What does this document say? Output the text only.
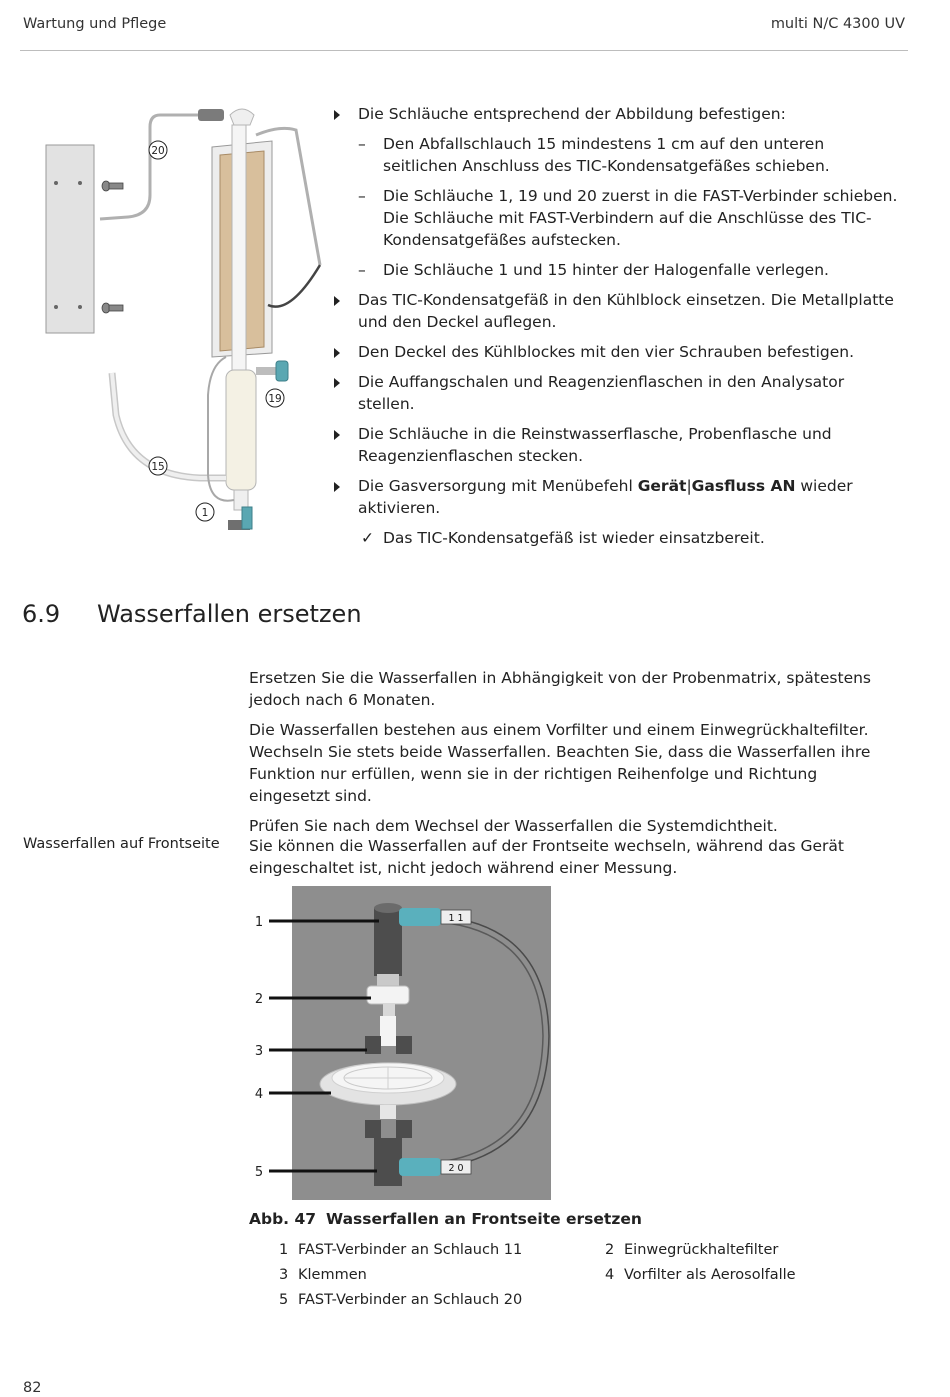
Wartung und Pflege	multi N/C 4300 UV
20
19
15
1
Die Schläuche entsprechend der Abbildung befestigen:
– Den Abfallschlauch 15 mindestens 1 cm auf den unteren seitlichen Anschluss des TIC-Kondensatgefäßes schieben.
– Die Schläuche 1, 19 und 20 zuerst in die FAST-Verbinder schieben. Die Schläuche mit FAST-Verbindern auf die Anschlüsse des TIC-Kondensatgefäßes aufstecken.
– Die Schläuche 1 und 15 hinter der Halogenfalle verlegen.
Das TIC-Kondensatgefäß in den Kühlblock einsetzen. Die Metallplatte und den Deckel auflegen.
Den Deckel des Kühlblockes mit den vier Schrauben befestigen.
Die Auffangschalen und Reagenzienflaschen in den Analysator stellen.
Die Schläuche in die Reinstwasserflasche, Probenflasche und Reagenzienflaschen stecken.
Die Gasversorgung mit Menübefehl Gerät|Gasfluss AN wieder aktivieren.
✓ Das TIC-Kondensatgefäß ist wieder einsatzbereit.
6.9 Wasserfallen ersetzen

Ersetzen Sie die Wasserfallen in Abhängigkeit von der Probenmatrix, spätestens jedoch nach 6 Monaten.

Die Wasserfallen bestehen aus einem Vorfilter und einem Einwegrückhaltefilter. Wechseln Sie stets beide Wasserfallen. Beachten Sie, dass die Wasserfallen ihre Funktion nur erfüllen, wenn sie in der richtigen Reihenfolge und Richtung eingesetzt sind.

Prüfen Sie nach dem Wechsel der Wasserfallen die Systemdichtheit.

Wasserfallen auf Frontseite Sie können die Wasserfallen auf der Frontseite wechseln, während das Gerät eingeschaltet ist, nicht jedoch während einer Messung.

1 1
2 0
1
2
3
4
5
Abb. 47 Wasserfallen an Frontseite ersetzen
1 FAST-Verbinder an Schlauch 11	2 Einwegrückhaltefilter
3 Klemmen	4 Vorfilter als Aerosolfalle
5 FAST-Verbinder an Schlauch 20
82
